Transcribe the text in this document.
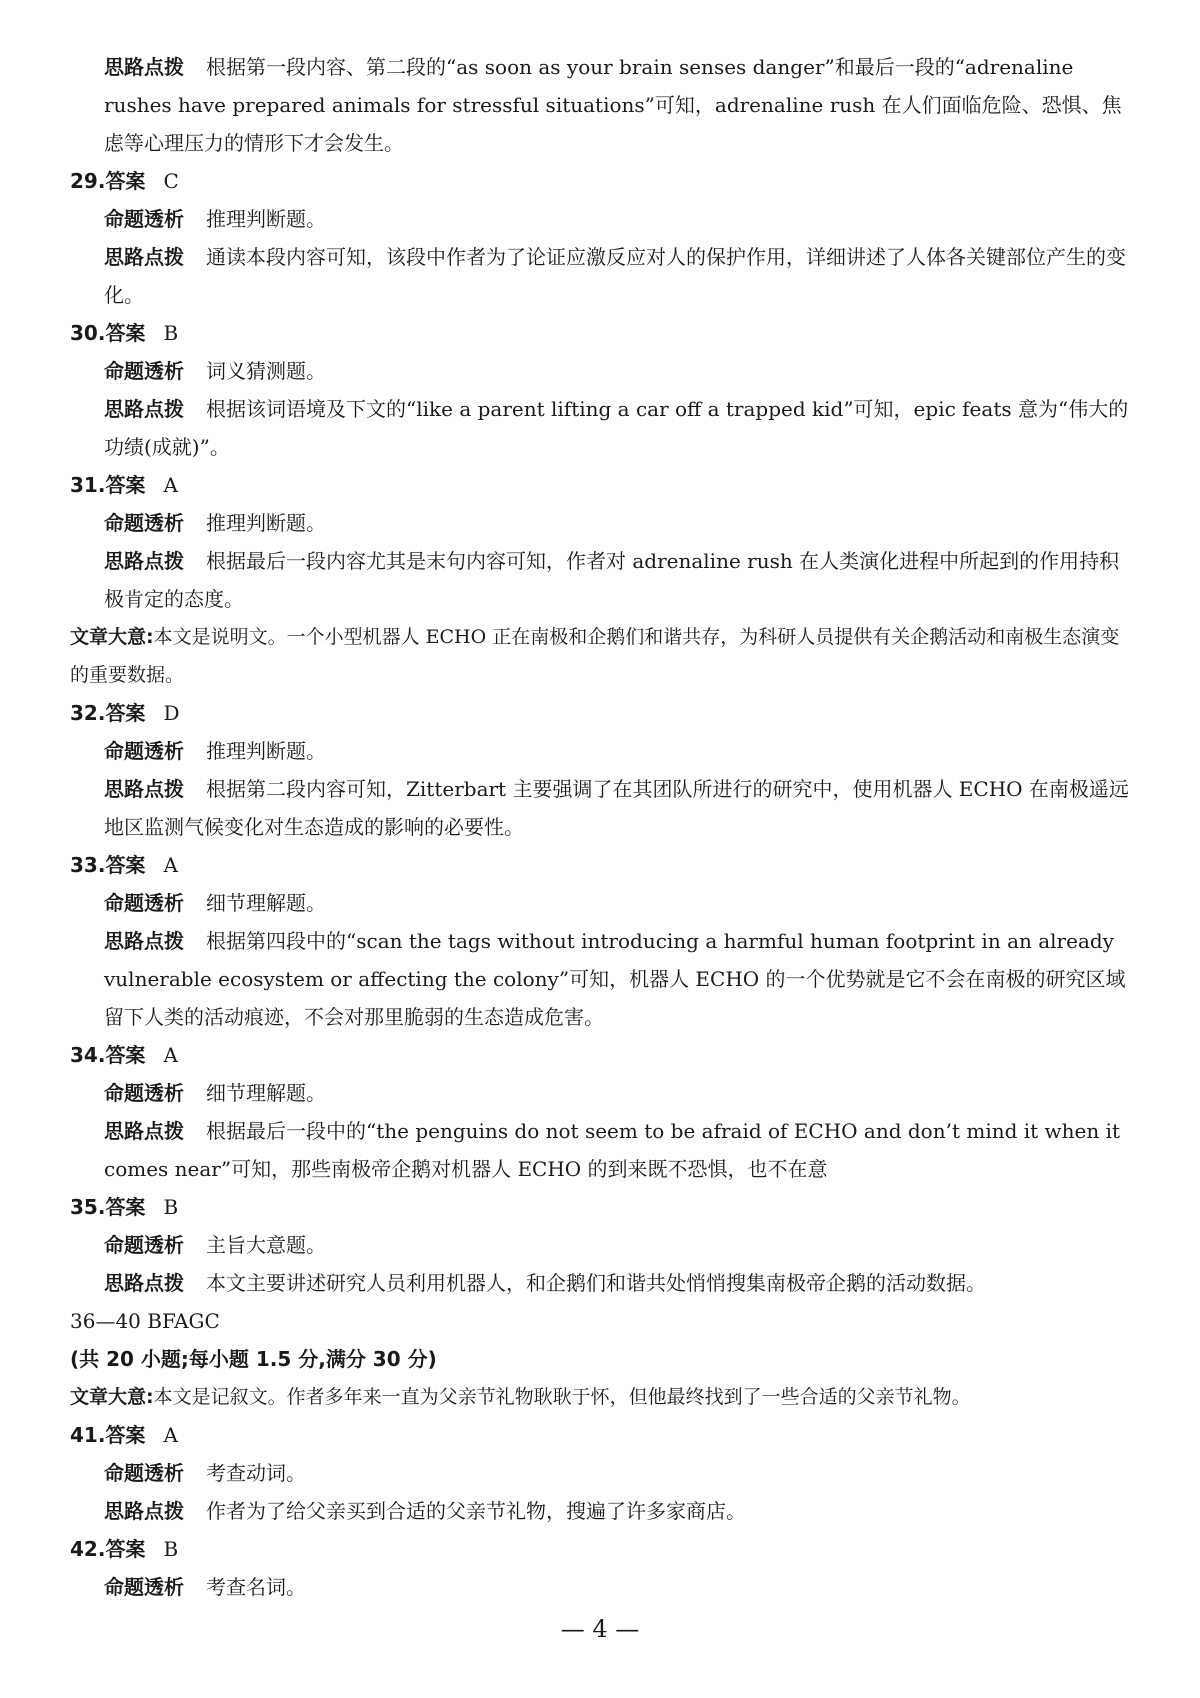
思路点拨 根据第一段内容、第二段的“as soon as your brain senses danger”和最后一段的“adrenaline rushes have prepared animals for stressful situations”可知，adrenaline rush 在人们面临危险、恐惧、焦虑等心理压力的情形下才会发生。

29.答案 C

命题透析 推理判断题。

思路点拨 通读本段内容可知，该段中作者为了论证应激反应对人的保护作用，详细讲述了人体各关键部位产生的变化。

30.答案 B

命题透析 词义猜测题。

思路点拨 根据该词语境及下文的“like a parent lifting a car off a trapped kid”可知，epic feats 意为“伟大的功绩(成就)”。

31.答案 A

命题透析 推理判断题。

思路点拨 根据最后一段内容尤其是末句内容可知，作者对 adrenaline rush 在人类演化进程中所起到的作用持积极肯定的态度。

文章大意:本文是说明文。一个小型机器人 ECHO 正在南极和企鹅们和谐共存，为科研人员提供有关企鹅活动和南极生态演变的重要数据。

32.答案 D

命题透析 推理判断题。

思路点拨 根据第二段内容可知，Zitterbart 主要强调了在其团队所进行的研究中，使用机器人 ECHO 在南极遥远地区监测气候变化对生态造成的影响的必要性。

33.答案 A

命题透析 细节理解题。

思路点拨 根据第四段中的“scan the tags without introducing a harmful human footprint in an already vulnerable ecosystem or affecting the colony”可知，机器人 ECHO 的一个优势就是它不会在南极的研究区域留下人类的活动痕迹，不会对那里脆弱的生态造成危害。

34.答案 A

命题透析 细节理解题。

思路点拨 根据最后一段中的“the penguins do not seem to be afraid of ECHO and don’t mind it when it comes near”可知，那些南极帝企鹅对机器人 ECHO 的到来既不恐惧，也不在意

35.答案 B

命题透析 主旨大意题。

思路点拨 本文主要讲述研究人员利用机器人，和企鹅们和谐共处悄悄搜集南极帝企鹅的活动数据。

36—40 BFAGC

(共 20 小题;每小题 1.5 分,满分 30 分)

文章大意:本文是记叙文。作者多年来一直为父亲节礼物耿耿于怀，但他最终找到了一些合适的父亲节礼物。

41.答案 A

命题透析 考查动词。

思路点拨 作者为了给父亲买到合适的父亲节礼物，搜遍了许多家商店。

42.答案 B

命题透析 考查名词。

— 4 —
